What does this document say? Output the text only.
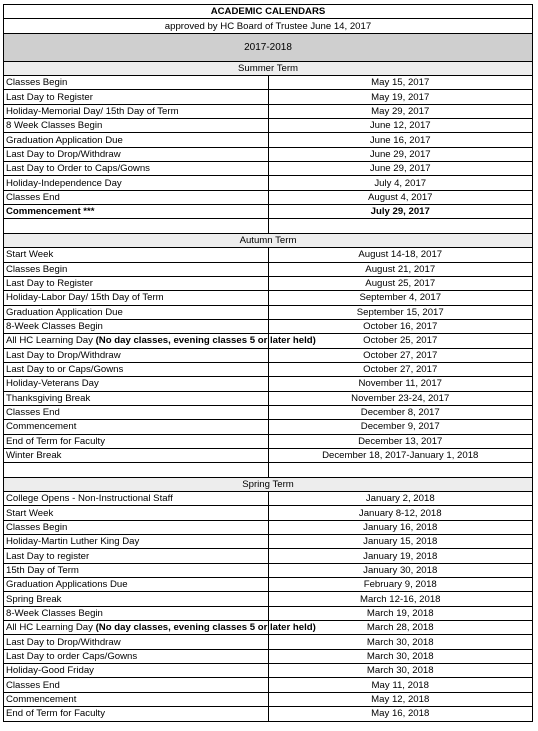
ACADEMIC CALENDARS	
approved by HC Board of Trustee June 14, 2017	
2017-2018	
Summer Term	
Classes Begin	May 15, 2017
Last Day to Register	May 19, 2017
Holiday-Memorial Day/ 15th Day of Term	May 29, 2017
8 Week Classes Begin	June 12, 2017
Graduation Application Due	June 16, 2017
Last Day to Drop/Withdraw	June 29, 2017
Last Day to Order to Caps/Gowns	June 29, 2017
Holiday-Independence Day	July 4, 2017
Classes End	August 4, 2017
Commencement ***	July 29, 2017

Autumn Term	
Start Week	August 14-18, 2017
Classes Begin	August 21, 2017
Last Day to Register	August 25, 2017
Holiday-Labor Day/ 15th Day of Term	September 4, 2017
Graduation Application Due	September 15, 2017
8-Week Classes Begin	October 16, 2017
All HC Learning Day (No day classes, evening classes 5 or later held)	October 25, 2017
Last Day to Drop/Withdraw	October 27, 2017
Last Day to or Caps/Gowns	October 27, 2017
Holiday-Veterans Day	November 11, 2017
Thanksgiving Break	November 23-24, 2017
Classes End	December 8, 2017
Commencement	December 9, 2017
End of Term for Faculty	December 13, 2017
Winter Break	December 18, 2017-January 1, 2018

Spring Term	
College Opens - Non-Instructional Staff	January 2, 2018
Start Week	January 8-12, 2018
Classes Begin	January 16, 2018
Holiday-Martin Luther King Day	January 15, 2018
Last Day to register	January 19, 2018
15th Day of Term	January 30, 2018
Graduation Applications Due	February 9, 2018
Spring Break	March 12-16, 2018
8-Week Classes Begin	March 19, 2018
All HC Learning Day (No day classes, evening classes 5 or later held)	March 28, 2018
Last Day to Drop/Withdraw	March 30, 2018
Last Day to order Caps/Gowns	March 30, 2018
Holiday-Good Friday	March 30, 2018
Classes End	May 11, 2018
Commencement	May 12, 2018
End of Term for Faculty	May 16, 2018
